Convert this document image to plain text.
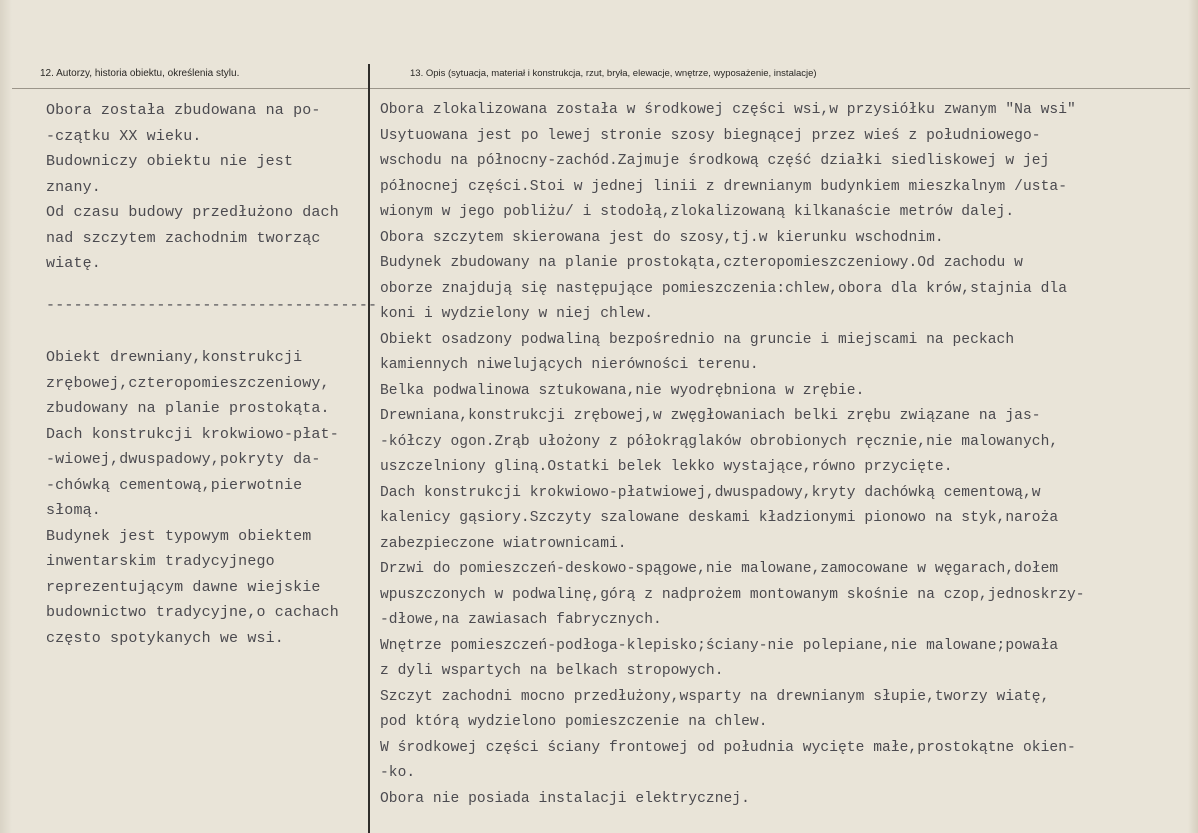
12. Autorzy, historia obiektu, określenia stylu.	13. Opis (sytuacja, materiał i konstrukcja, rzut, bryła, elewacje, wnętrze, wyposażenie, instalacje)
Obora została zbudowana na po-
-czątku XX wieku.
Budowniczy obiektu nie jest
znany.
Od czasu budowy przedłużono dach
nad szczytem zachodnim tworząc
wiatę.
------------------------------------
Obiekt drewniany,konstrukcji
zrębowej,czteropomieszczeniowy,
zbudowany na planie prostokąta.
Dach konstrukcji krokwiowo-płat-
-wiowej,dwuspadowy,pokryty da-
-chówką cementową,pierwotnie
słomą.
Budynek jest typowym obiektem
inwentarskim tradycyjnego
reprezentującym dawne wiejskie
budownictwo tradycyjne,o cachach
często spotykanych we wsi.
Obora zlokalizowana została w środkowej części wsi,w przysiółku zwanym "Na wsi"
Usytuowana jest po lewej stronie szosy biegnącej przez wieś z południowego-
wschodu na północny-zachód.Zajmuje środkową część działki siedliskowej w jej
północnej części.Stoi w jednej linii z drewnianym budynkiem mieszkalnym /usta-
wionym w jego pobliżu/ i stodołą,zlokalizowaną kilkanaście metrów dalej.
Obora szczytem skierowana jest do szosy,tj.w kierunku wschodnim.
Budynek zbudowany na planie prostokąta,czteropomieszczeniowy.Od zachodu w
oborze znajdują się następujące pomieszczenia:chlew,obora dla krów,stajnia dla
koni i wydzielony w niej chlew.
Obiekt osadzony podwaliną bezpośrednio na gruncie i miejscami na peckach
kamiennych niwelujących nierówności terenu.
Belka podwalinowa sztukowana,nie wyodrębniona w zrębie.
Drewniana,konstrukcji zrębowej,w zwęgłowaniach belki zrębu związane na jas-
-kółczy ogon.Zrąb ułożony z półokrąglaków obrobionych ręcznie,nie malowanych,
uszczelniony gliną.Ostatki belek lekko wystające,równo przycięte.
Dach konstrukcji krokwiowo-płatwiowej,dwuspadowy,kryty dachówką cementową,w
kalenicy gąsiory.Szczyty szalowane deskami kładzionymi pionowo na styk,naroża
zabezpieczone wiatrownicami.
Drzwi do pomieszczeń-deskowo-spągowe,nie malowane,zamocowane w węgarach,dołem
wpuszczonych w podwalinę,górą z nadprożem montowanym skośnie na czop,jednoskrzy-
-dłowe,na zawiasach fabrycznych.
Wnętrze pomieszczeń-podłoga-klepisko;ściany-nie polepiane,nie malowane;powała
z dyli wspartych na belkach stropowych.
Szczyt zachodni mocno przedłużony,wsparty na drewnianym słupie,tworzy wiatę,
pod którą wydzielono pomieszczenie na chlew.
W środkowej części ściany frontowej od południa wycięte małe,prostokątne okien-
-ko.
Obora nie posiada instalacji elektrycznej.
